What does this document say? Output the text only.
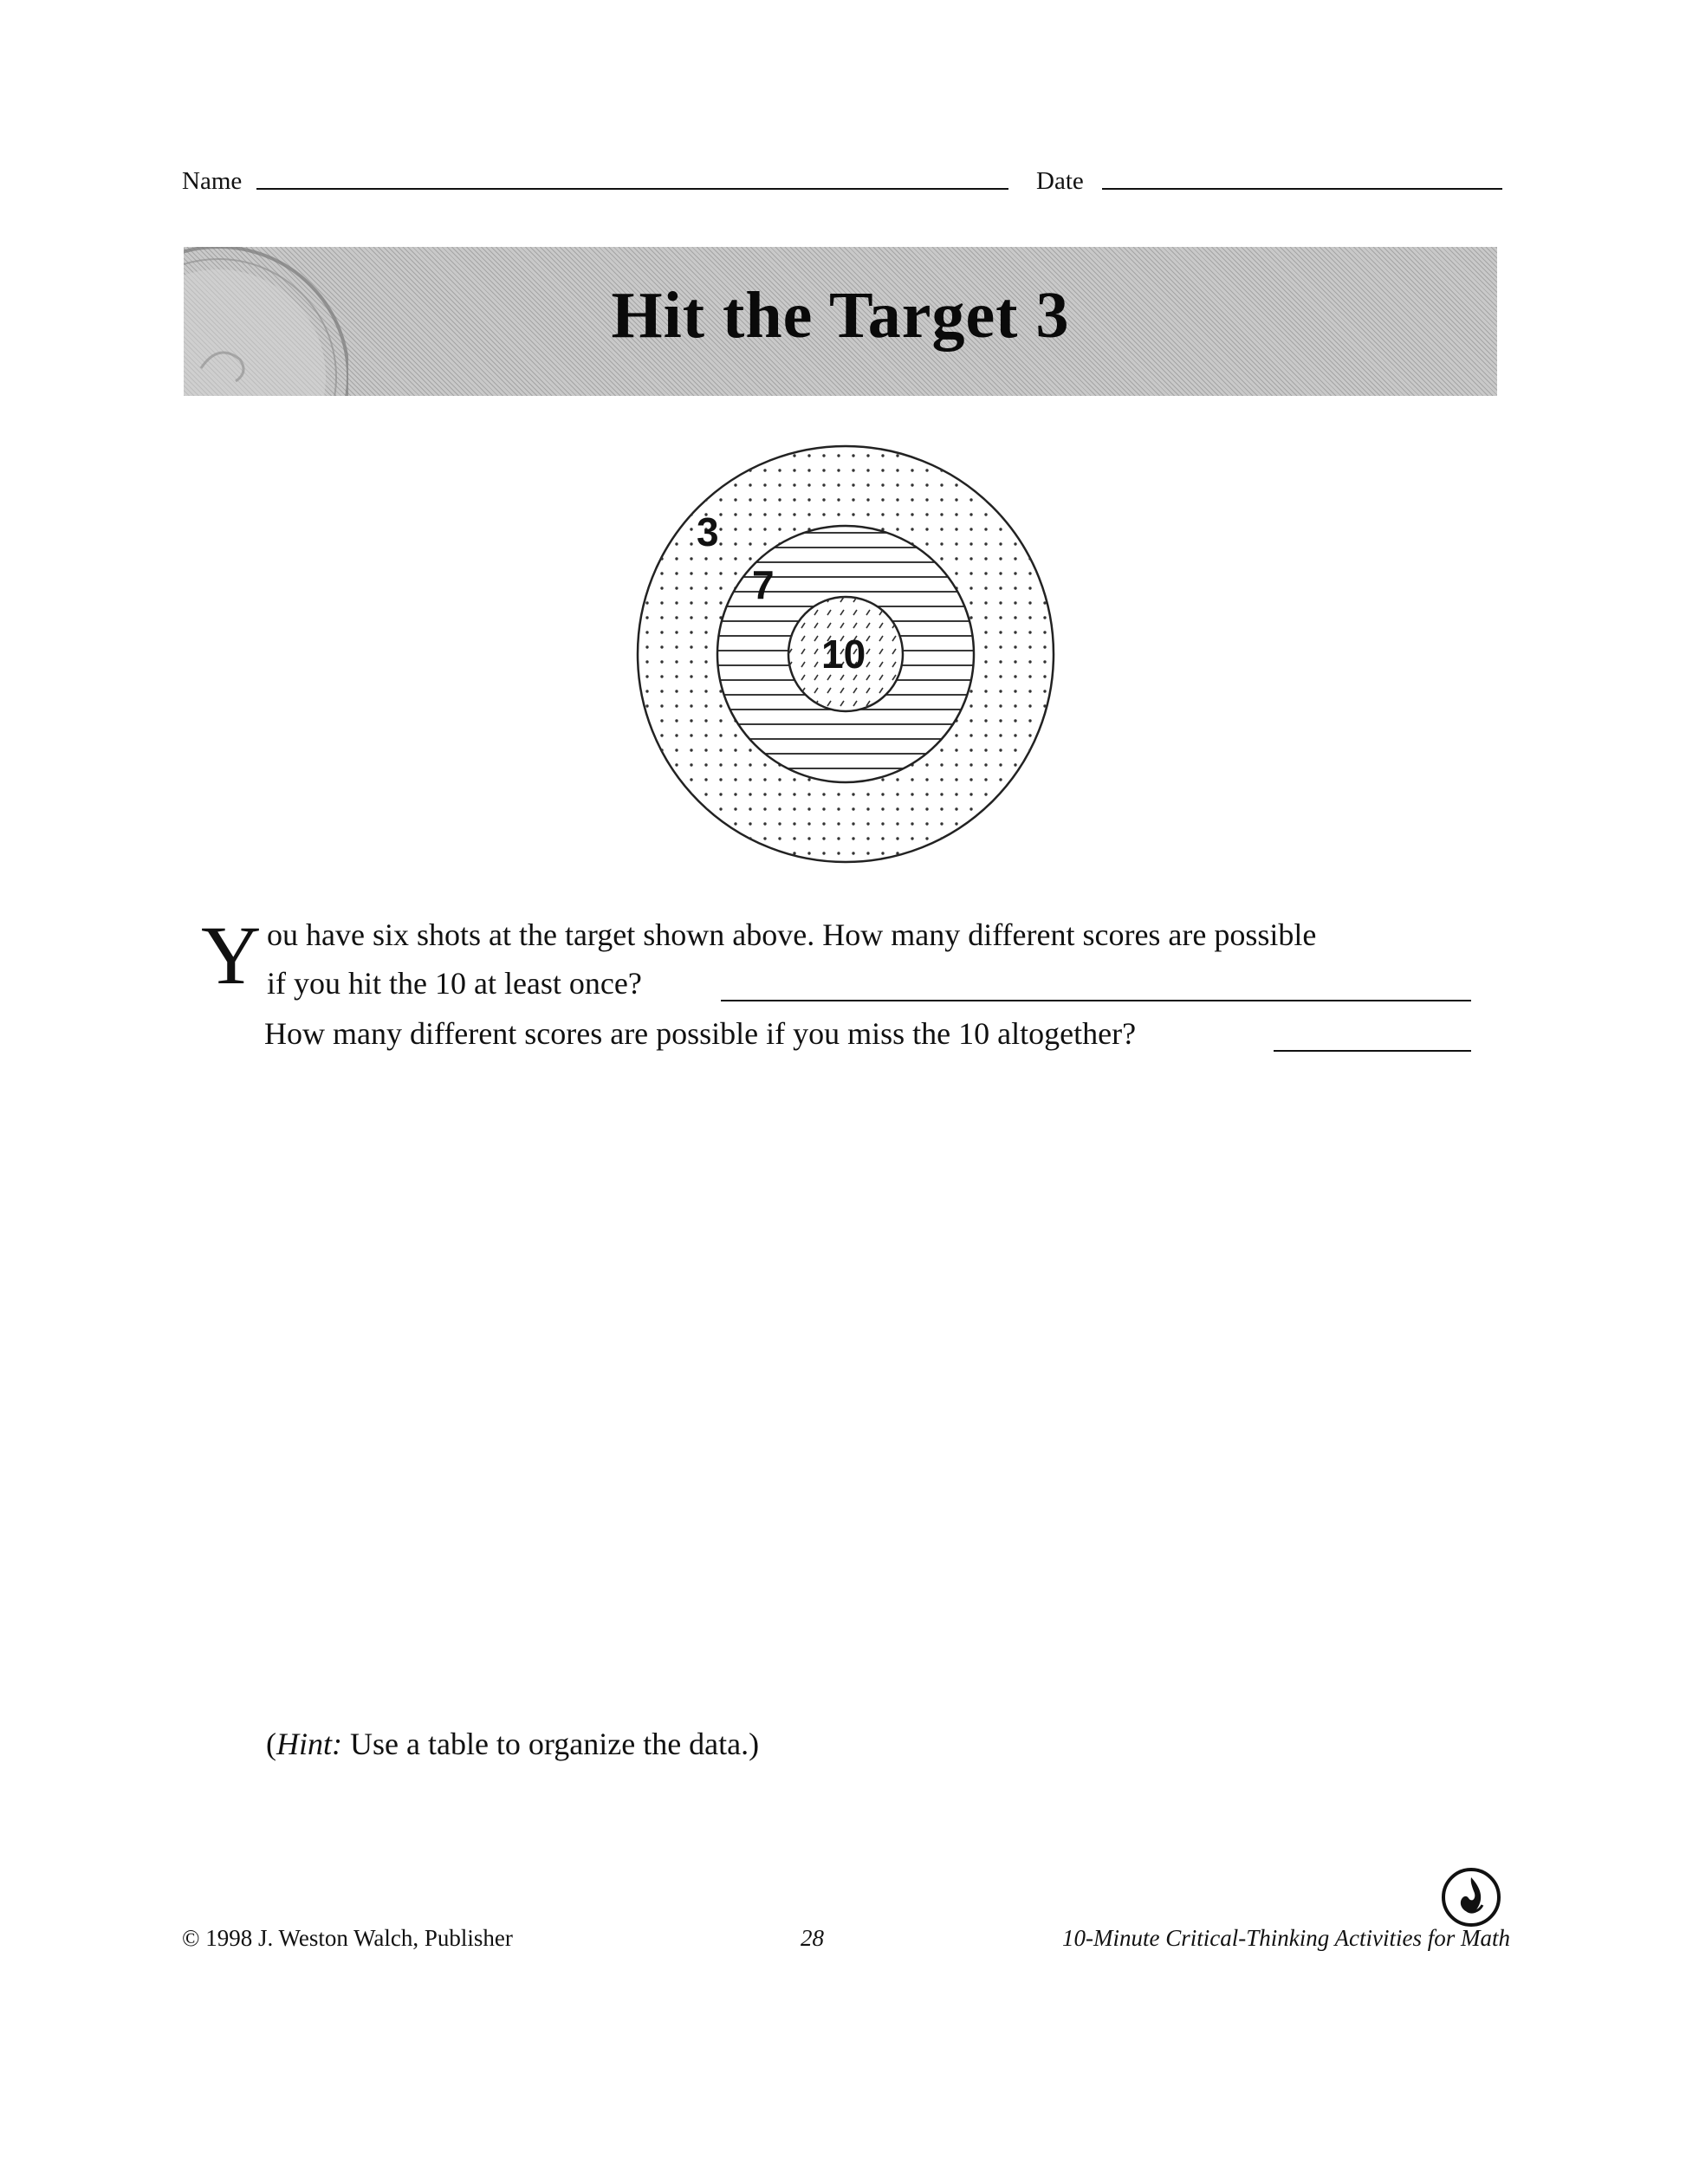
Name	Date
Hit the Target 3
3
7
10
Y ou have six shots at the target shown above. How many different scores are possible
if you hit the 10 at least once?
How many different scores are possible if you miss the 10 altogether?
(Hint: Use a table to organize the data.)
© 1998 J. Weston Walch, Publisher	28	10-Minute Critical-Thinking Activities for Math
